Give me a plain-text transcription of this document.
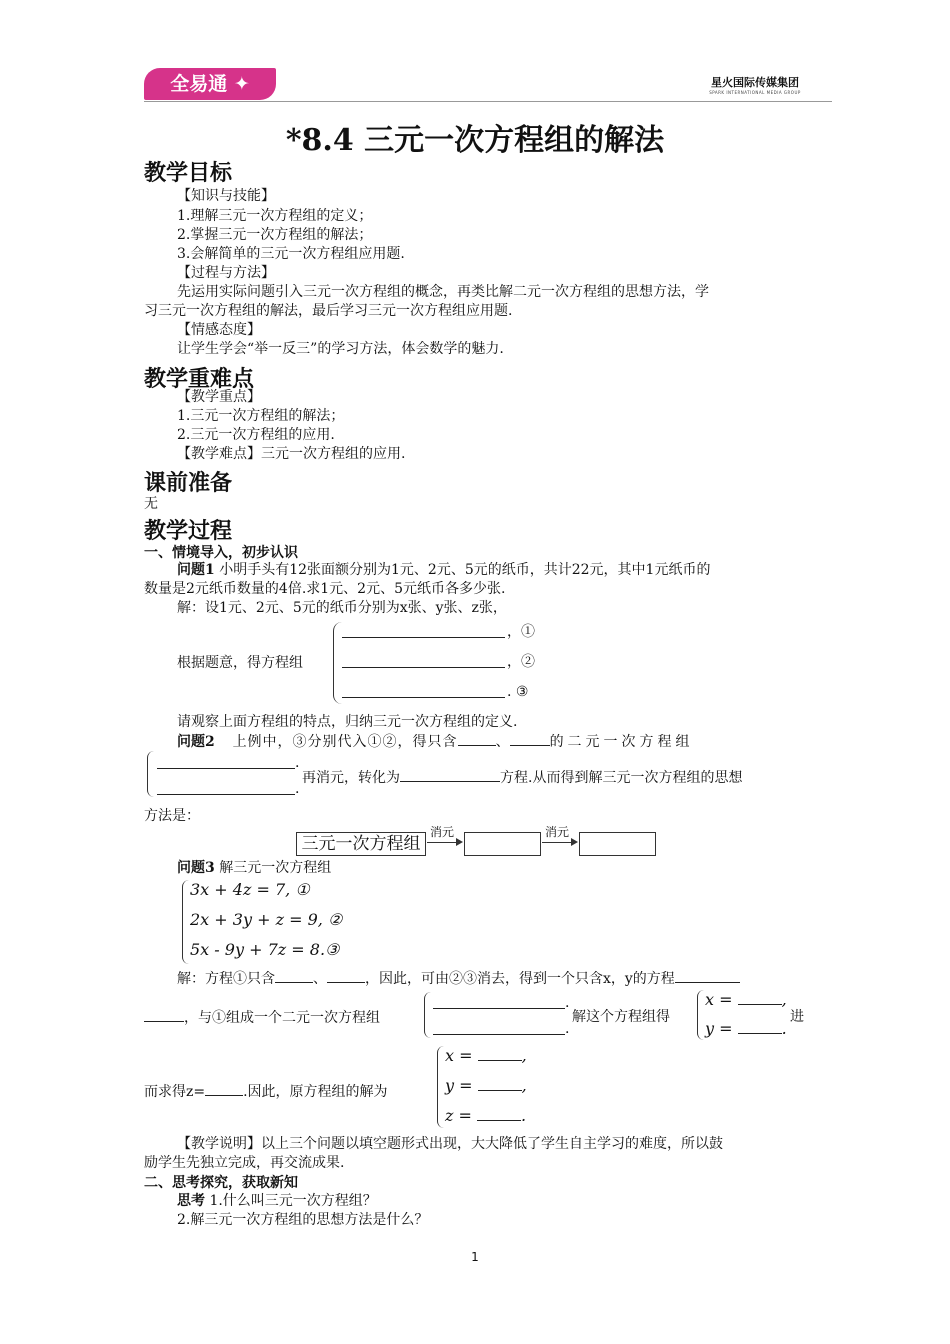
全易通 ✦	星火国际传媒集团
SPARK INTERNATIONAL MEDIA GROUP
*8.4 三元一次方程组的解法
教学目标
【知识与技能】
1.理解三元一次方程组的定义；
2.掌握三元一次方程组的解法；
3.会解简单的三元一次方程组应用题.
【过程与方法】
先运用实际问题引入三元一次方程组的概念，再类比解二元一次方程组的思想方法，学
习三元一次方程组的解法，最后学习三元一次方程组应用题.
【情感态度】
让学生学会“举一反三”的学习方法，体会数学的魅力.
教学重难点
【教学重点】
1.三元一次方程组的解法；
2.三元一次方程组的应用.
【教学难点】三元一次方程组的应用.
课前准备
无
教学过程
一、情境导入，初步认识
问题1 小明手头有12张面额分别为1元、2元、5元的纸币，共计22元，其中1元纸币的
数量是2元纸币数量的4倍.求1元、2元、5元纸币各多少张.
解：设1元、2元、5元的纸币分别为x张、y张、z张，
根据题意，得方程组
，①
，②
. ③
请观察上面方程组的特点，归纳三元一次方程组的定义.
问题2 上例中，③分别代入①②，得只含	、	的二元一次方程组
.
.
再消元，转化为	方程.从而得到解三元一次方程组的思想
方法是：
三元一次方程组
消元	消元
问题3 解三元一次方程组
3x + 4z = 7, ①
2x + 3y + z = 9, ②
5x - 9y + 7z = 8.③
解：方程①只含	、	，因此，可由②③消去，得到一个只含x，y的方程
，与①组成一个二元一次方程组
.
.
解这个方程组得
x =	,
y =	.
进
而求得z=	.因此，原方程组的解为
x =	,
y =	,
z =	.
【教学说明】以上三个问题以填空题形式出现，大大降低了学生自主学习的难度，所以鼓
励学生先独立完成，再交流成果.
二、思考探究，获取新知
思考 1.什么叫三元一次方程组？
2.解三元一次方程组的思想方法是什么？
1
